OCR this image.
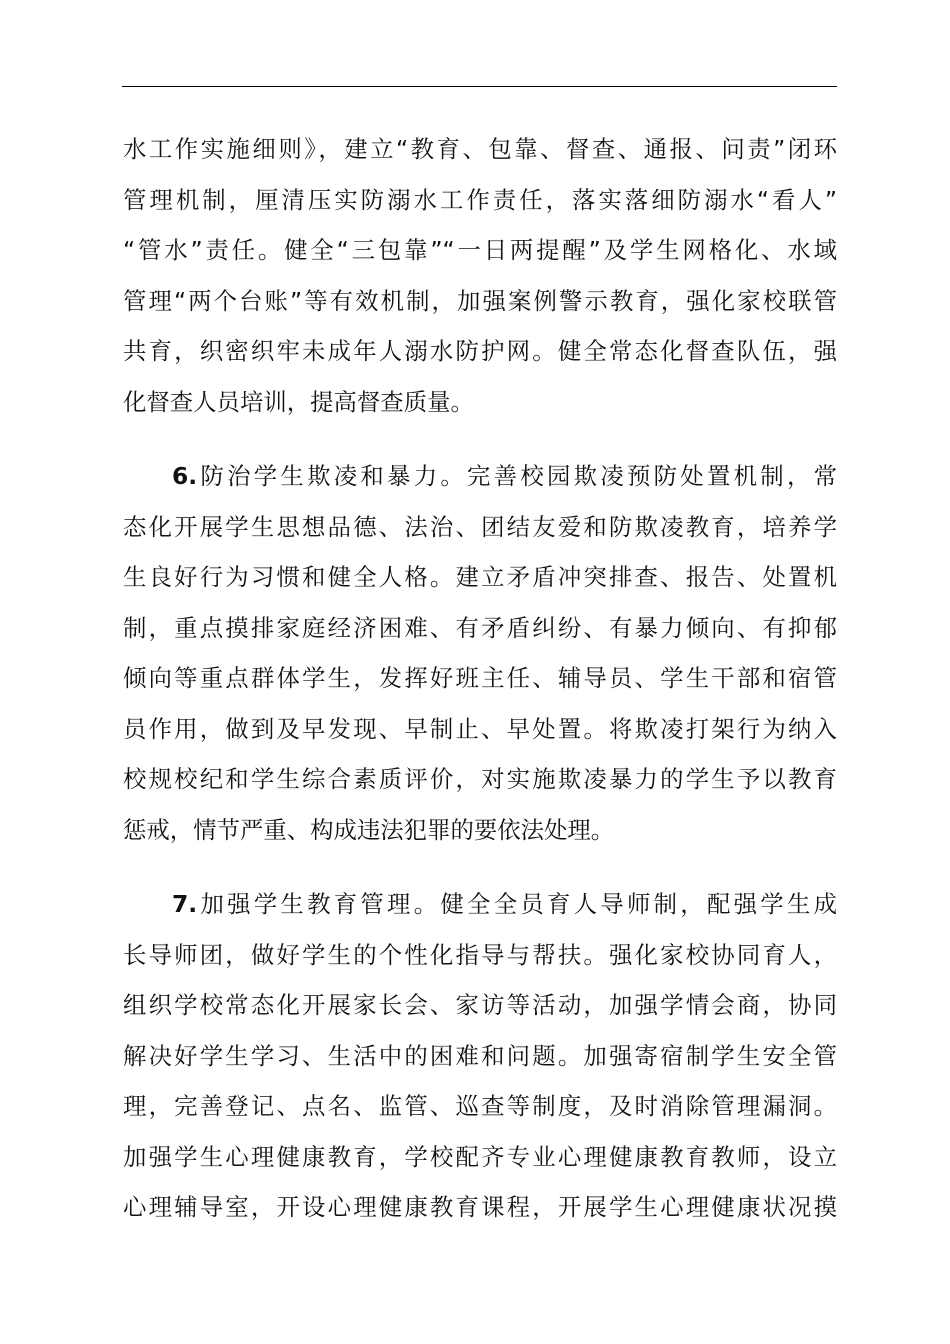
水工作实施细则》，建立“教育、包靠、督查、通报、问责”闭环
管理机制，厘清压实防溺水工作责任，落实落细防溺水“看人”
“管水”责任。健全“三包靠”“一日两提醒”及学生网格化、水域
管理“两个台账”等有效机制，加强案例警示教育，强化家校联管
共育，织密织牢未成年人溺水防护网。健全常态化督查队伍，强
化督查人员培训，提高督查质量。
6.防治学生欺凌和暴力。完善校园欺凌预防处置机制，常
态化开展学生思想品德、法治、团结友爱和防欺凌教育，培养学
生良好行为习惯和健全人格。建立矛盾冲突排查、报告、处置机
制，重点摸排家庭经济困难、有矛盾纠纷、有暴力倾向、有抑郁
倾向等重点群体学生，发挥好班主任、辅导员、学生干部和宿管
员作用，做到及早发现、早制止、早处置。将欺凌打架行为纳入
校规校纪和学生综合素质评价，对实施欺凌暴力的学生予以教育
惩戒，情节严重、构成违法犯罪的要依法处理。
7.加强学生教育管理。健全全员育人导师制，配强学生成
长导师团，做好学生的个性化指导与帮扶。强化家校协同育人，
组织学校常态化开展家长会、家访等活动，加强学情会商，协同
解决好学生学习、生活中的困难和问题。加强寄宿制学生安全管
理，完善登记、点名、监管、巡查等制度，及时消除管理漏洞。
加强学生心理健康教育，学校配齐专业心理健康教育教师，设立
心理辅导室，开设心理健康教育课程，开展学生心理健康状况摸
